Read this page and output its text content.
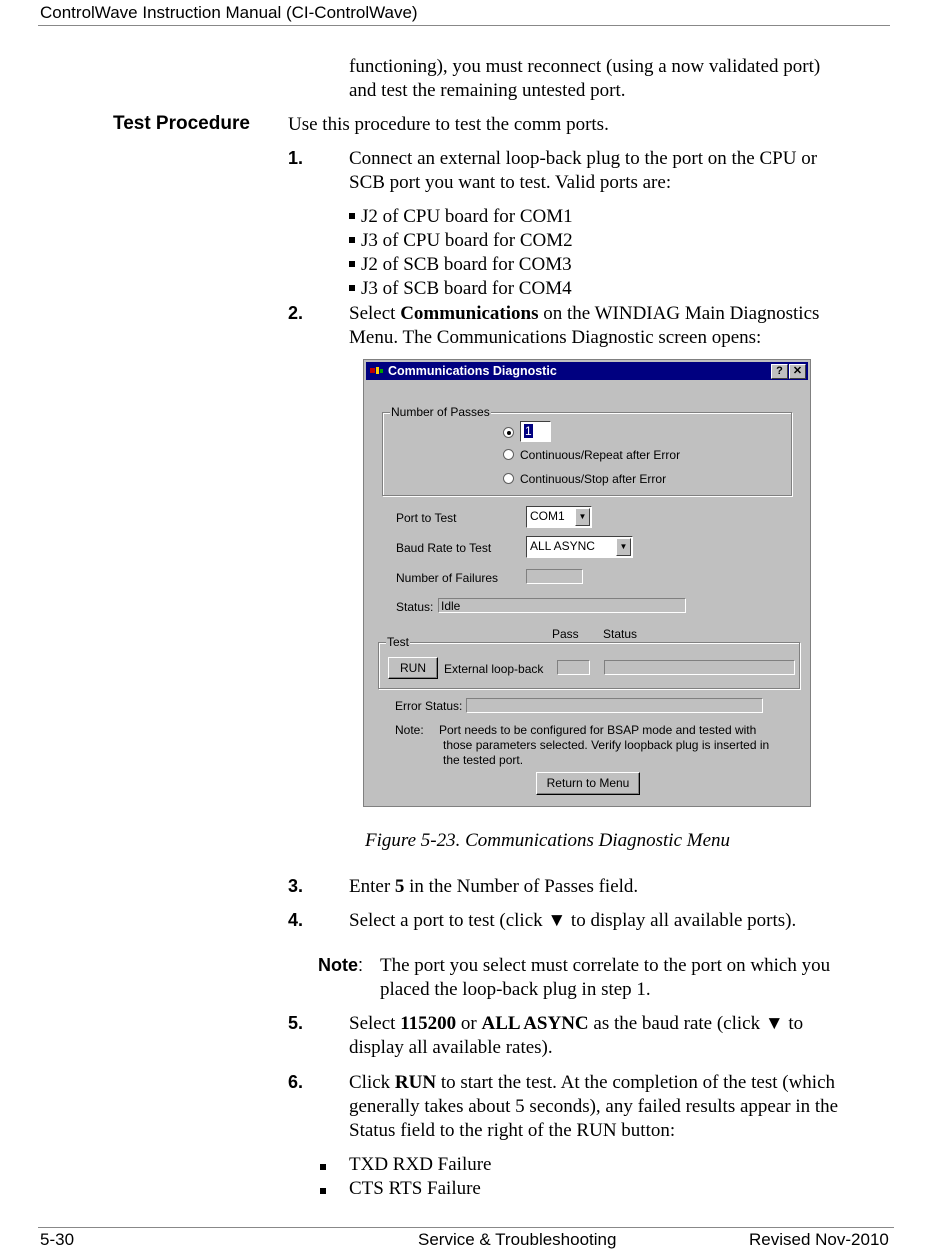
ControlWave Instruction Manual (CI-ControlWave)
functioning), you must reconnect (using a now validated port)
and test the remaining untested port.
Test Procedure Use this procedure to test the comm ports.
1. Connect an external loop-back plug to the port on the CPU or
SCB port you want to test. Valid ports are:
J2 of CPU board for COM1
J3 of CPU board for COM2
J2 of SCB board for COM3
J3 of SCB board for COM4
2. Select Communications on the WINDIAG Main Diagnostics
Menu. The Communications Diagnostic screen opens:
Communications Diagnostic	? ✕
Number of Passes
1
Continuous/Repeat after Error
Continuous/Stop after Error
Port to Test	COM1	▼
Baud Rate to Test	ALL ASYNC	▼
Number of Failures
Status: Idle
Pass Status
Test
RUN	External loop-back
Error Status:
Note: Port needs to be configured for BSAP mode and tested with
those parameters selected. Verify loopback plug is inserted in
the tested port.
Return to Menu
Figure 5-23. Communications Diagnostic Menu
3. Enter 5 in the Number of Passes field.
4. Select a port to test (click ▼ to display all available ports).
Note: The port you select must correlate to the port on which you
placed the loop-back plug in step 1.
5. Select 115200 or ALL ASYNC as the baud rate (click ▼ to
display all available rates).
6. Click RUN to start the test. At the completion of the test (which
generally takes about 5 seconds), any failed results appear in the
Status field to the right of the RUN button:
TXD RXD Failure
CTS RTS Failure
5-30	Service & Troubleshooting	Revised Nov-2010
